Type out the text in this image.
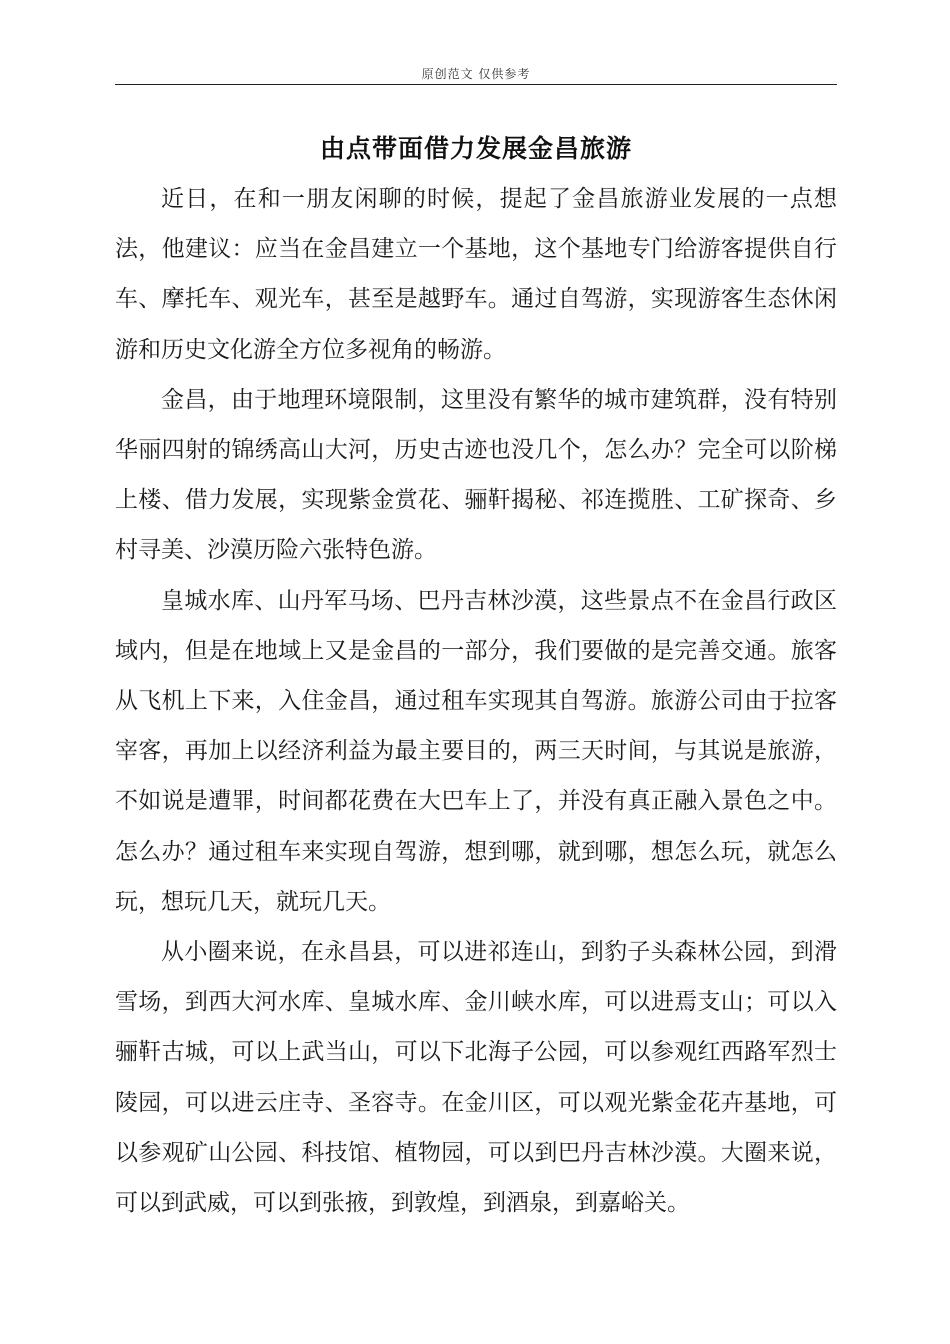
原创范文 仅供参考
由点带面借力发展金昌旅游

近日，在和一朋友闲聊的时候，提起了金昌旅游业发展的一点想法，他建议：应当在金昌建立一个基地，这个基地专门给游客提供自行车、摩托车、观光车，甚至是越野车。通过自驾游，实现游客生态休闲游和历史文化游全方位多视角的畅游。

金昌，由于地理环境限制，这里没有繁华的城市建筑群，没有特别华丽四射的锦绣高山大河，历史古迹也没几个，怎么办？完全可以阶梯上楼、借力发展，实现紫金赏花、骊靬揭秘、祁连揽胜、工矿探奇、乡村寻美、沙漠历险六张特色游。

皇城水库、山丹军马场、巴丹吉林沙漠，这些景点不在金昌行政区域内，但是在地域上又是金昌的一部分，我们要做的是完善交通。旅客从飞机上下来，入住金昌，通过租车实现其自驾游。旅游公司由于拉客宰客，再加上以经济利益为最主要目的，两三天时间，与其说是旅游，不如说是遭罪，时间都花费在大巴车上了，并没有真正融入景色之中。怎么办？通过租车来实现自驾游，想到哪，就到哪，想怎么玩，就怎么玩，想玩几天，就玩几天。

从小圈来说，在永昌县，可以进祁连山，到豹子头森林公园，到滑雪场，到西大河水库、皇城水库、金川峡水库，可以进焉支山；可以入骊靬古城，可以上武当山，可以下北海子公园，可以参观红西路军烈士陵园，可以进云庄寺、圣容寺。在金川区，可以观光紫金花卉基地，可以参观矿山公园、科技馆、植物园，可以到巴丹吉林沙漠。大圈来说，可以到武威，可以到张掖，到敦煌，到酒泉，到嘉峪关。
